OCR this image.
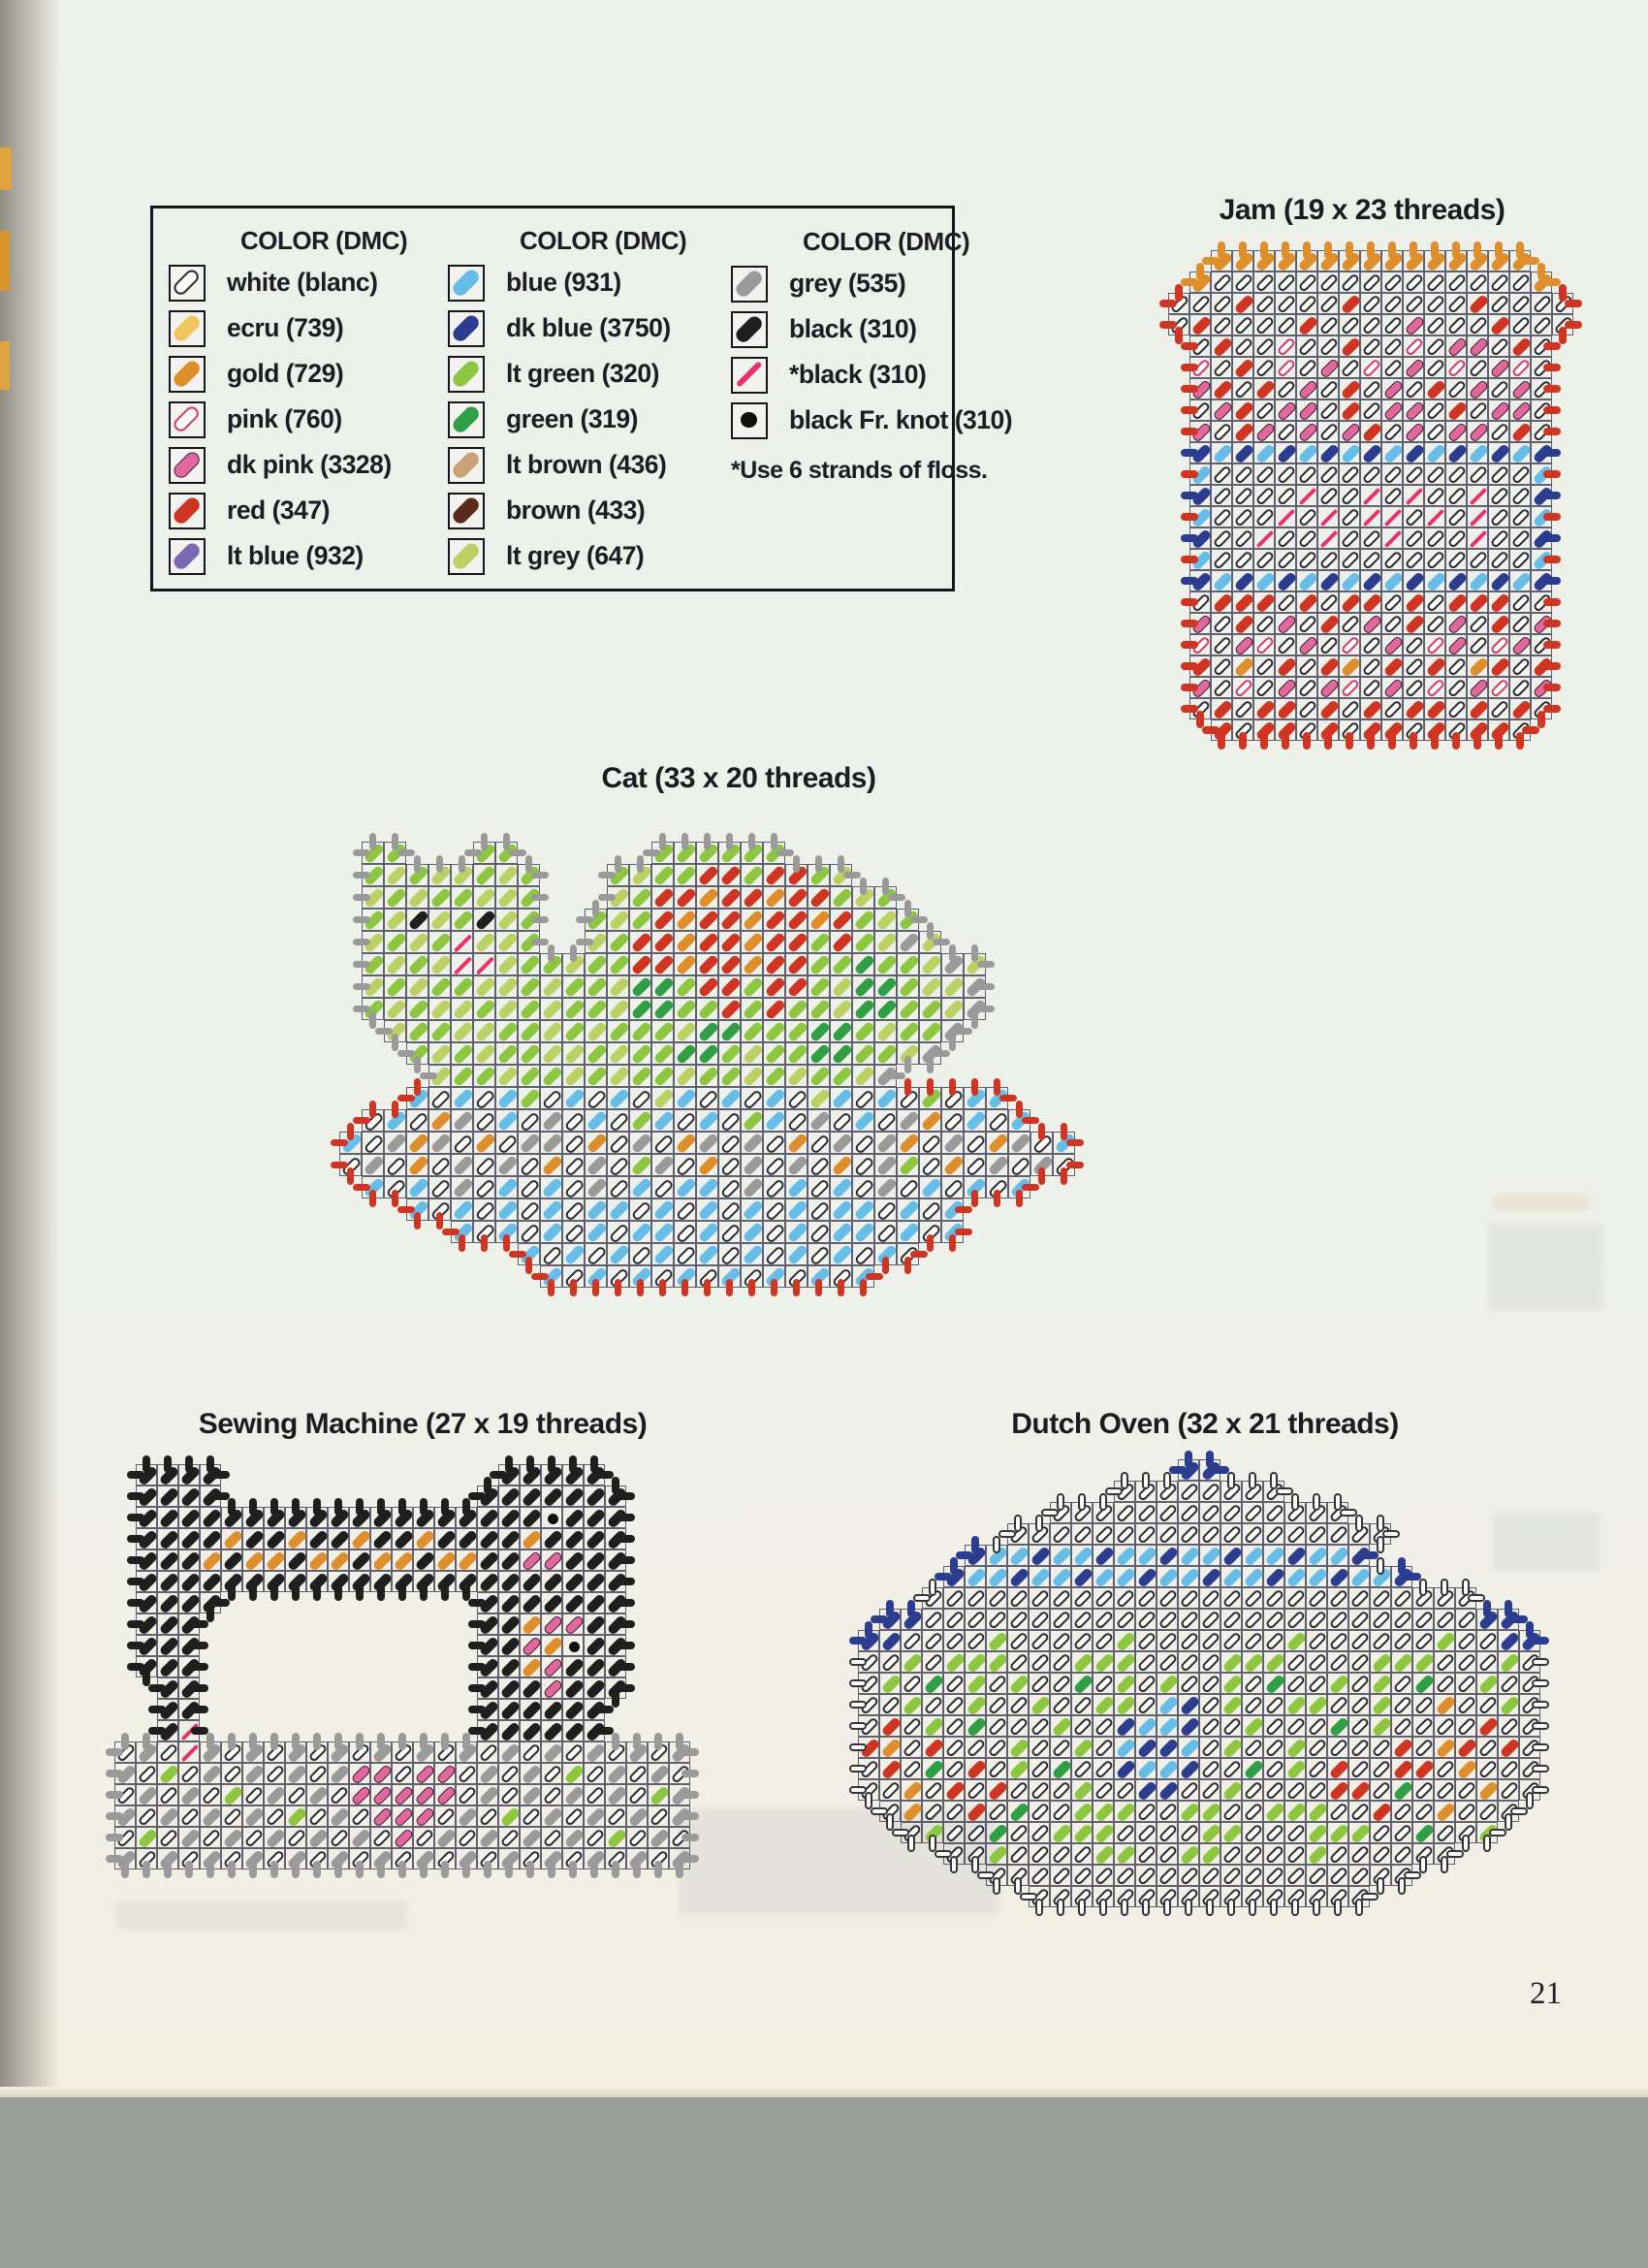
COLOR (DMC)
white (blanc)
ecru (739)
gold (729)
pink (760)
dk pink (3328)
red (347)
lt blue (932)
COLOR (DMC)
blue (931)
dk blue (3750)
lt green (320)
green (319)
lt brown (436)
brown (433)
lt grey (647)
COLOR (DMC)
grey (535)
black (310)
*black (310)
black Fr. knot (310)
*Use 6 strands of floss.
Jam (19 x 23 threads)
Cat (33 x 20 threads)
Sewing Machine (27 x 19 threads)	Dutch Oven (32 x 21 threads)
21
